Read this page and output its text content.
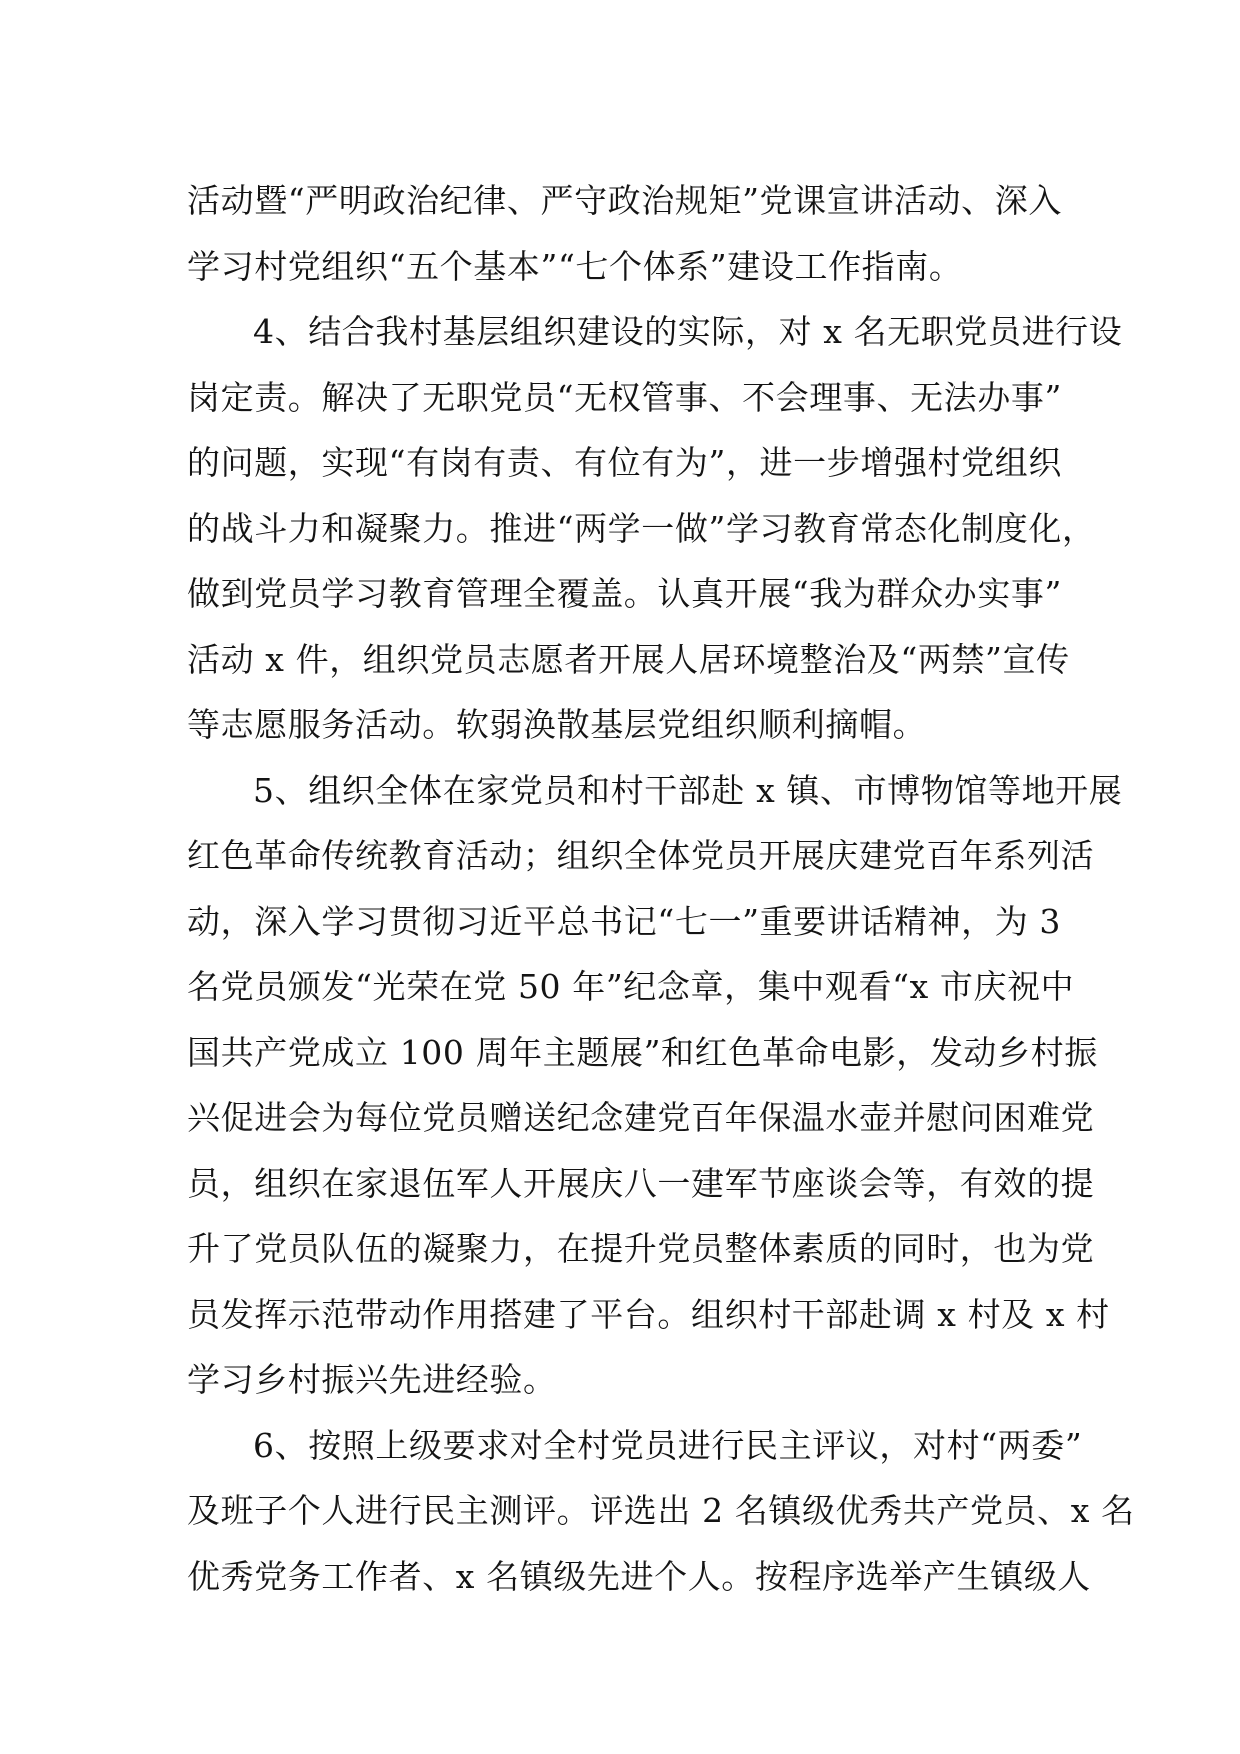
活动暨“严明政治纪律、严守政治规矩”党课宣讲活动、深入
学习村党组织“五个基本”“七个体系”建设工作指南。
4、结合我村基层组织建设的实际，对 x 名无职党员进行设
岗定责。解决了无职党员“无权管事、不会理事、无法办事”
的问题，实现“有岗有责、有位有为”，进一步增强村党组织
的战斗力和凝聚力。推进“两学一做”学习教育常态化制度化，
做到党员学习教育管理全覆盖。认真开展“我为群众办实事”
活动 x 件，组织党员志愿者开展人居环境整治及“两禁”宣传
等志愿服务活动。软弱涣散基层党组织顺利摘帽。
5、组织全体在家党员和村干部赴 x 镇、市博物馆等地开展
红色革命传统教育活动；组织全体党员开展庆建党百年系列活
动，深入学习贯彻习近平总书记“七一”重要讲话精神，为 3
名党员颁发“光荣在党 50 年”纪念章，集中观看“x 市庆祝中
国共产党成立 100 周年主题展”和红色革命电影，发动乡村振
兴促进会为每位党员赠送纪念建党百年保温水壶并慰问困难党
员，组织在家退伍军人开展庆八一建军节座谈会等，有效的提
升了党员队伍的凝聚力，在提升党员整体素质的同时，也为党
员发挥示范带动作用搭建了平台。组织村干部赴调 x 村及 x 村
学习乡村振兴先进经验。
6、按照上级要求对全村党员进行民主评议，对村“两委”
及班子个人进行民主测评。评选出 2 名镇级优秀共产党员、x 名
优秀党务工作者、x 名镇级先进个人。按程序选举产生镇级人
